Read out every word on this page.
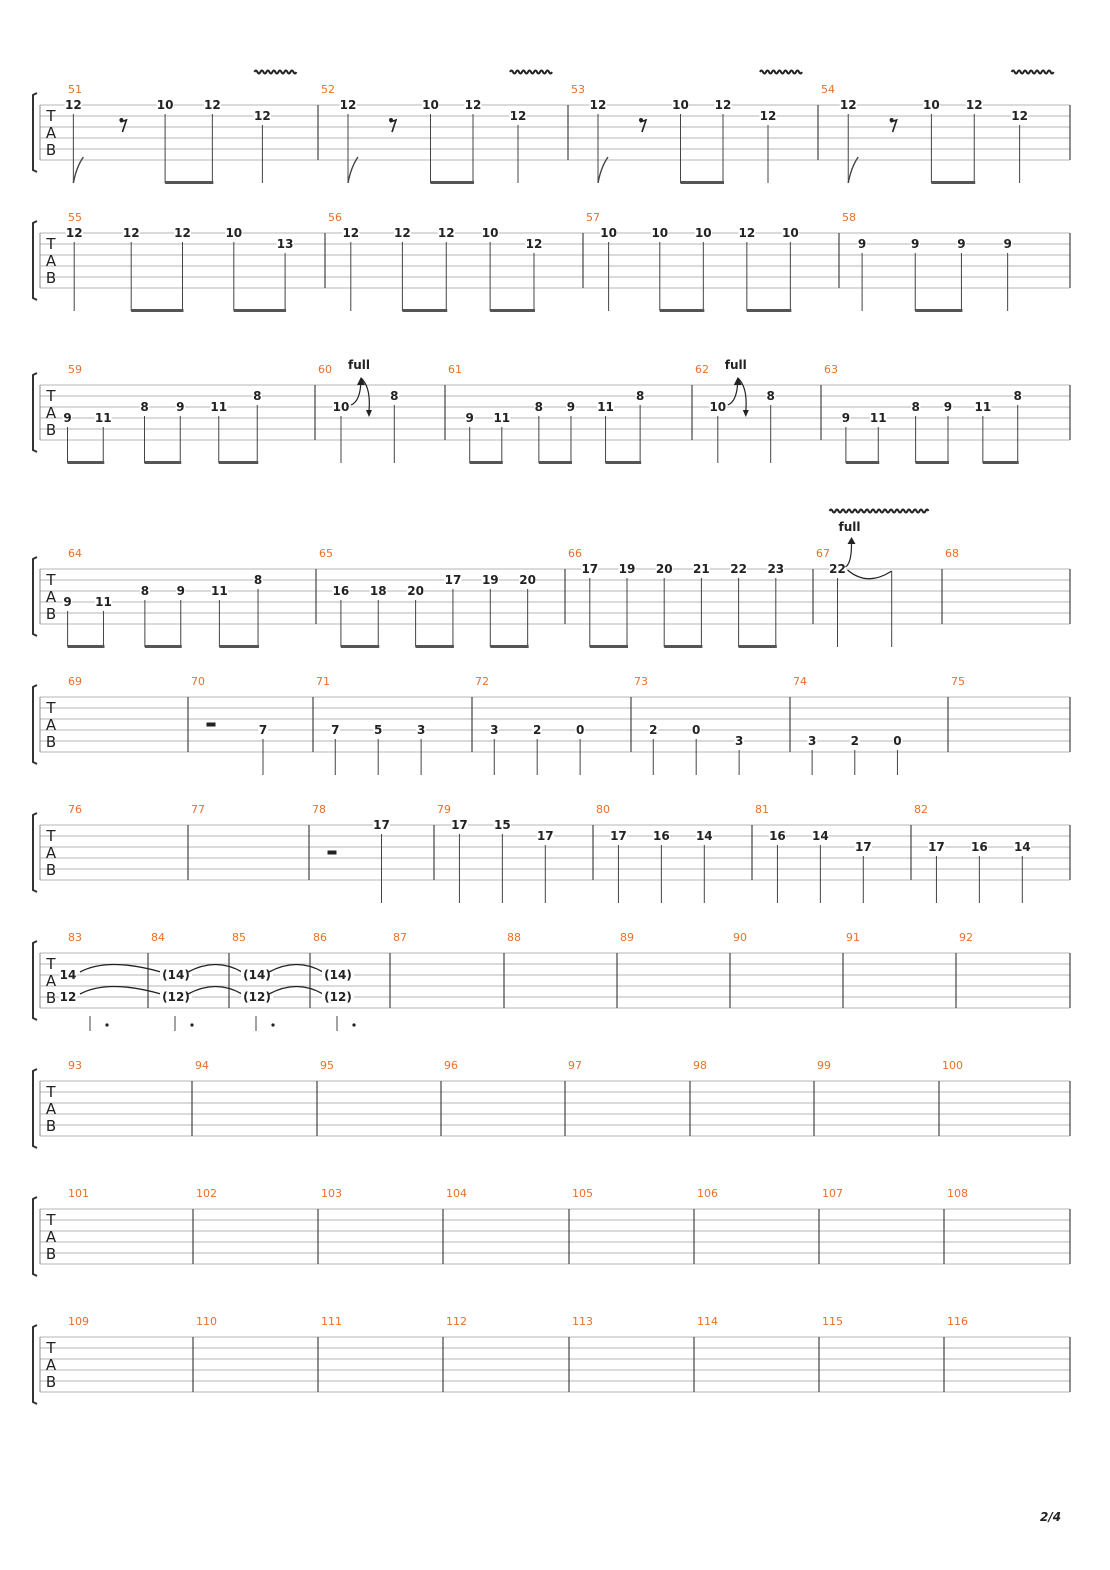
T
A
B
51
12	10	12
12
52
12	10 12
12
53
12	10 12
12
54
12	10 12
12
T
A
B
55
12	12	12	10
13
56
12	12 12 10
12
57
10	10 10 12 10
58
9	9	9	9
T
A
B
59
9 11
8 9 11
8
60
10
full
8
61
9 11
8 9 11
8
62
10
full
8
63
9 11
8 9 11
8
T
A
B
64
9 11
8 9 11
8
65
16 18 20
17 19 20
66
17 19 20 21 22 23
67
22
full
68
T
A
B
69	70
7
71
7	5	3
72
3	2	0
73
2	0
3
74
3	2	0
75
T
A
B
76	77	78
17
79
17 15
17
80
17 16 14
81
16 14
17
82
17 16 14
T
A
B
83
14
12
84
(14)
(12)
85
(14)
(12)
86
(14)
(12)
87	88	89	90	91	92
T
A
B
93	94	95	96	97	98	99	100
T
A
B
101	102	103	104	105	106	107	108
T
A
B
109	110	111	112	113	114	115	116
2/4
